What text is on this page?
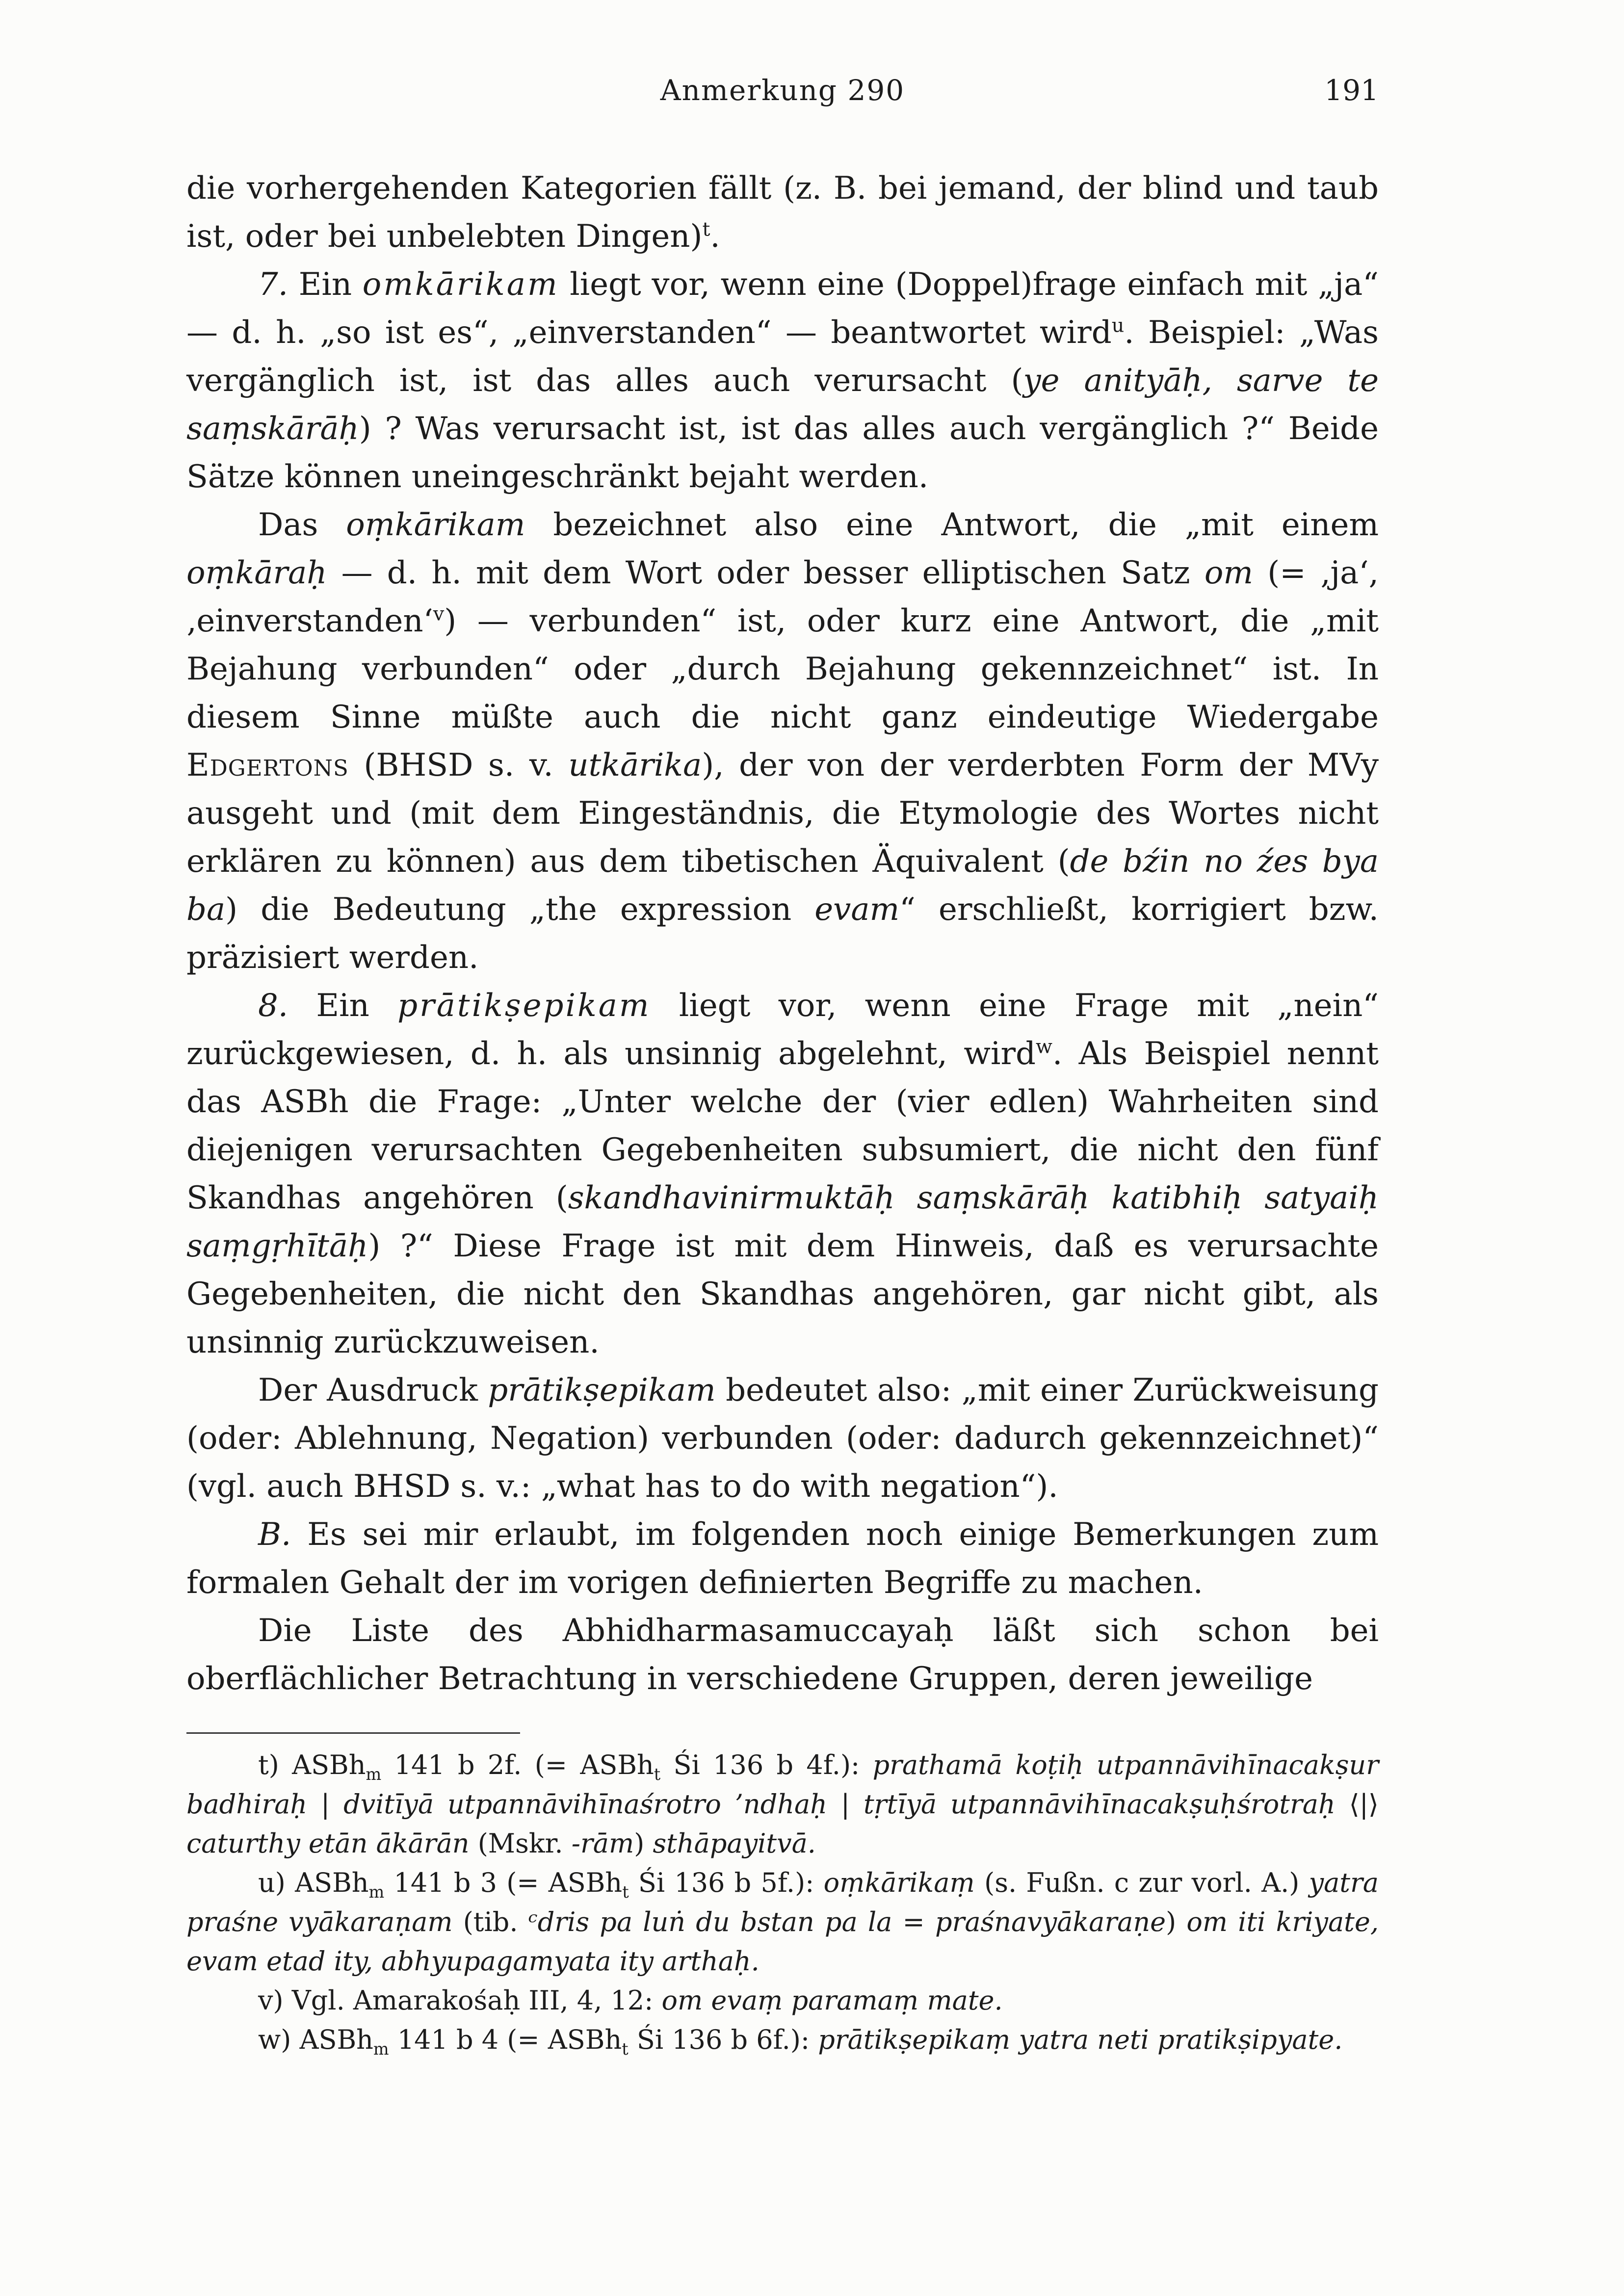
Anmerkung 290	191

die vorhergehenden Kategorien fällt (z. B. bei jemand, der blind und taub ist, oder bei unbelebten Dingen)$^t$.

7. Ein omkārikam liegt vor, wenn eine (Doppel)frage einfach mit „ja“ — d. h. „so ist es“, „einverstanden“ — beantwortet wird$^u$. Beispiel: „Was vergänglich ist, ist das alles auch verursacht (ye anityāḥ, sarve te saṃskārāḥ) ? Was verursacht ist, ist das alles auch vergänglich ?“ Beide Sätze können uneingeschränkt bejaht werden.

Das oṃkārikam bezeichnet also eine Antwort, die „mit einem oṃkāraḥ — d. h. mit dem Wort oder besser elliptischen Satz om (= ‚ja‘, ‚einverstanden‘$^v$) — verbunden“ ist, oder kurz eine Antwort, die „mit Bejahung verbunden“ oder „durch Bejahung gekennzeichnet“ ist. In diesem Sinne müßte auch die nicht ganz eindeutige Wiedergabe Edgertons (BHSD s. v. utkārika), der von der verderbten Form der MVy ausgeht und (mit dem Eingeständnis, die Etymologie des Wortes nicht erklären zu können) aus dem tibetischen Äquivalent (de bźin no źes bya ba) die Bedeutung „the expression evam“ erschließt, korrigiert bzw. präzisiert werden.

8. Ein prātikṣepikam liegt vor, wenn eine Frage mit „nein“ zurückgewiesen, d. h. als unsinnig abgelehnt, wird$^w$. Als Beispiel nennt das ASBh die Frage: „Unter welche der (vier edlen) Wahrheiten sind diejenigen verursachten Gegebenheiten subsumiert, die nicht den fünf Skandhas angehören (skandhavinirmuktāḥ saṃskārāḥ katibhiḥ satyaiḥ saṃgṛhītāḥ) ?“ Diese Frage ist mit dem Hinweis, daß es verursachte Gegebenheiten, die nicht den Skandhas angehören, gar nicht gibt, als unsinnig zurückzuweisen.

Der Ausdruck prātikṣepikam bedeutet also: „mit einer Zurückweisung (oder: Ablehnung, Negation) verbunden (oder: dadurch gekennzeichnet)“ (vgl. auch BHSD s. v.: „what has to do with negation“).

B. Es sei mir erlaubt, im folgenden noch einige Bemerkungen zum formalen Gehalt der im vorigen definierten Begriffe zu machen.

Die Liste des Abhidharmasamuccayaḥ läßt sich schon bei oberflächlicher Betrachtung in verschiedene Gruppen, deren jeweilige

t) ASBh$_m$ 141 b 2f. (= ASBh$_t$ Śi 136 b 4f.): prathamā koṭiḥ utpannāvihīnacakṣur badhiraḥ | dvitīyā utpannāvihīnaśrotro ’ndhaḥ | tṛtīyā utpannāvihīnacakṣuḥśrotraḥ ⟨|⟩ caturthy etān ākārān (Mskr. -rām) sthāpayitvā.

u) ASBh$_m$ 141 b 3 (= ASBh$_t$ Śi 136 b 5f.): oṃkārikaṃ (s. Fußn. c zur vorl. A.) yatra praśne vyākaraṇam (tib. ᶜdris pa luṅ du bstan pa la = praśnavyākaraṇe) om iti kriyate, evam etad ity, abhyupagamyata ity arthaḥ.

v) Vgl. Amarakośaḥ III, 4, 12: om evaṃ paramaṃ mate.

w) ASBh$_m$ 141 b 4 (= ASBh$_t$ Śi 136 b 6f.): prātikṣepikaṃ yatra neti pratikṣipyate.
